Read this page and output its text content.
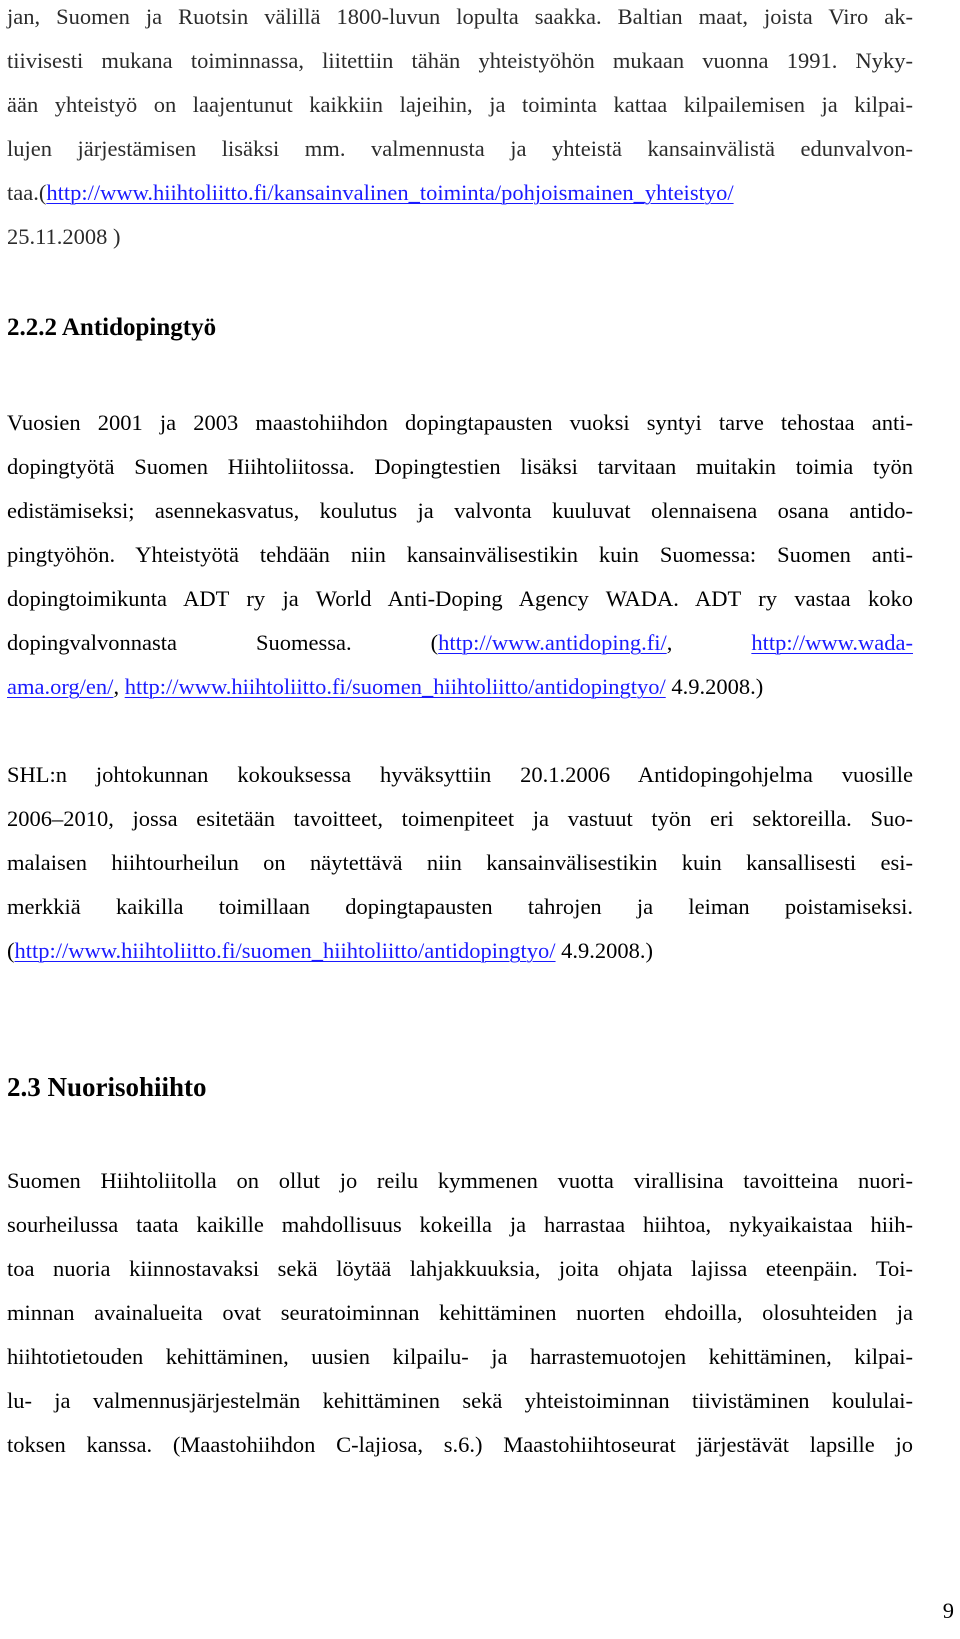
jan, Suomen ja Ruotsin välillä 1800-luvun lopulta saakka. Baltian maat, joista Viro ak-
tiivisesti mukana toiminnassa, liitettiin tähän yhteistyöhön mukaan vuonna 1991. Nyky-
ään yhteistyö on laajentunut kaikkiin lajeihin, ja toiminta kattaa kilpailemisen ja kilpai-
lujen järjestämisen lisäksi mm. valmennusta ja yhteistä kansainvälistä edunvalvon-
taa.(http://www.hiihtoliitto.fi/kansainvalinen_toiminta/pohjoismainen_yhteistyo/
25.11.2008 )
2.2.2 Antidopingtyö
Vuosien 2001 ja 2003 maastohiihdon dopingtapausten vuoksi syntyi tarve tehostaa anti-
dopingtyötä Suomen Hiihtoliitossa. Dopingtestien lisäksi tarvitaan muitakin toimia työn
edistämiseksi; asennekasvatus, koulutus ja valvonta kuuluvat olennaisena osana antido-
pingtyöhön. Yhteistyötä tehdään niin kansainvälisestikin kuin Suomessa: Suomen anti-
dopingtoimikunta ADT ry ja World Anti-Doping Agency WADA. ADT ry vastaa koko
dopingvalvonnasta	Suomessa.	(http://www.antidoping.fi/,	http://www.wada-
ama.org/en/, http://www.hiihtoliitto.fi/suomen_hiihtoliitto/antidopingtyo/ 4.9.2008.)
SHL:n johtokunnan kokouksessa hyväksyttiin 20.1.2006 Antidopingohjelma vuosille
2006–2010, jossa esitetään tavoitteet, toimenpiteet ja vastuut työn eri sektoreilla. Suo-
malaisen hiihtourheilun on näytettävä niin kansainvälisestikin kuin kansallisesti esi-
merkkiä kaikilla toimillaan dopingtapausten tahrojen ja leiman poistamiseksi.
(http://www.hiihtoliitto.fi/suomen_hiihtoliitto/antidopingtyo/ 4.9.2008.)
2.3 Nuorisohiihto
Suomen Hiihtoliitolla on ollut jo reilu kymmenen vuotta virallisina tavoitteina nuori-
sourheilussa taata kaikille mahdollisuus kokeilla ja harrastaa hiihtoa, nykyaikaistaa hiih-
toa nuoria kiinnostavaksi sekä löytää lahjakkuuksia, joita ohjata lajissa eteenpäin. Toi-
minnan avainalueita ovat seuratoiminnan kehittäminen nuorten ehdoilla, olosuhteiden ja
hiihtotietouden kehittäminen, uusien kilpailu- ja harrastemuotojen kehittäminen, kilpai-
lu- ja valmennusjärjestelmän kehittäminen sekä yhteistoiminnan tiivistäminen koululai-
toksen kanssa. (Maastohiihdon C-lajiosa, s.6.) Maastohiihtoseurat järjestävät lapsille jo
9
